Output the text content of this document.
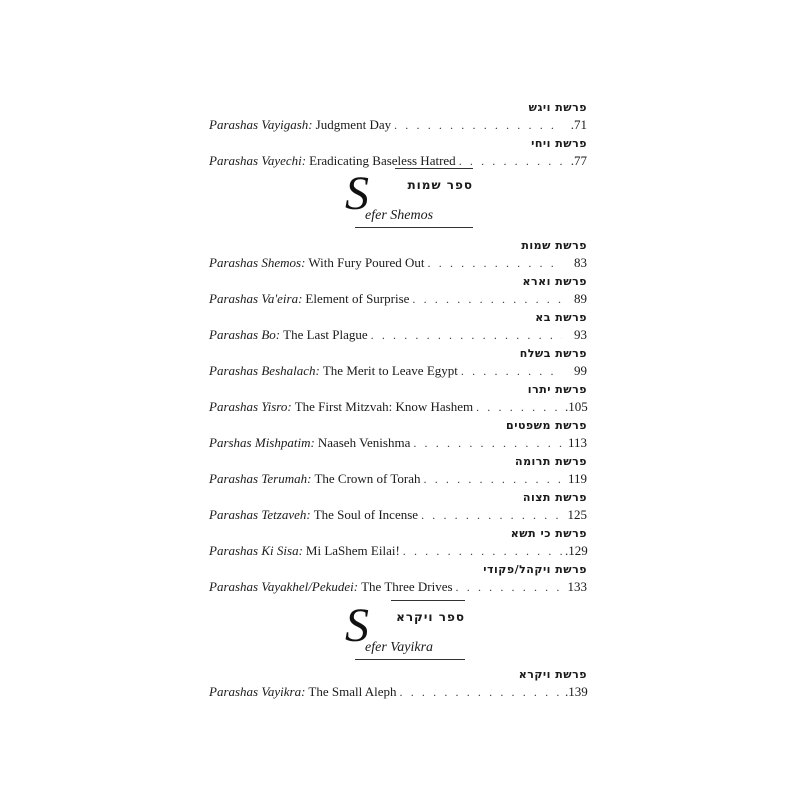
פרשת ויגש
Parashas Vayigash: Judgment Day . . .	.71
פרשת ויחי
Parashas Vayechi: Eradicating Baseless Hatred . . .	.77
ספר שמות
S
efer Shemos
פרשת שמות
Parashas Shemos: With Fury Poured Out . . .	83
פרשת וארא
Parashas Va'eira: Element of Surprise . . .	89
פרשת בא
Parashas Bo: The Last Plague . . .	93
פרשת בשלח
Parashas Beshalach: The Merit to Leave Egypt . . .	99
פרשת יתרו
Parashas Yisro: The First Mitzvah: Know Hashem . . .	.105
פרשת משפטים
Parshas Mishpatim: Naaseh Venishma . . .	113
פרשת תרומה
Parashas Terumah: The Crown of Torah . . .	119
פרשת תצוה
Parashas Tetzaveh: The Soul of Incense . . .	125
פרשת כי תשא
Parashas Ki Sisa: Mi LaShem Eilai! . . .	.129
פרשת ויקהל/פקודי
Parashas Vayakhel/Pekudei: The Three Drives . . .	133
ספר ויקרא
S
efer Vayikra
פרשת ויקרא
Parashas Vayikra: The Small Aleph . . .	.139
